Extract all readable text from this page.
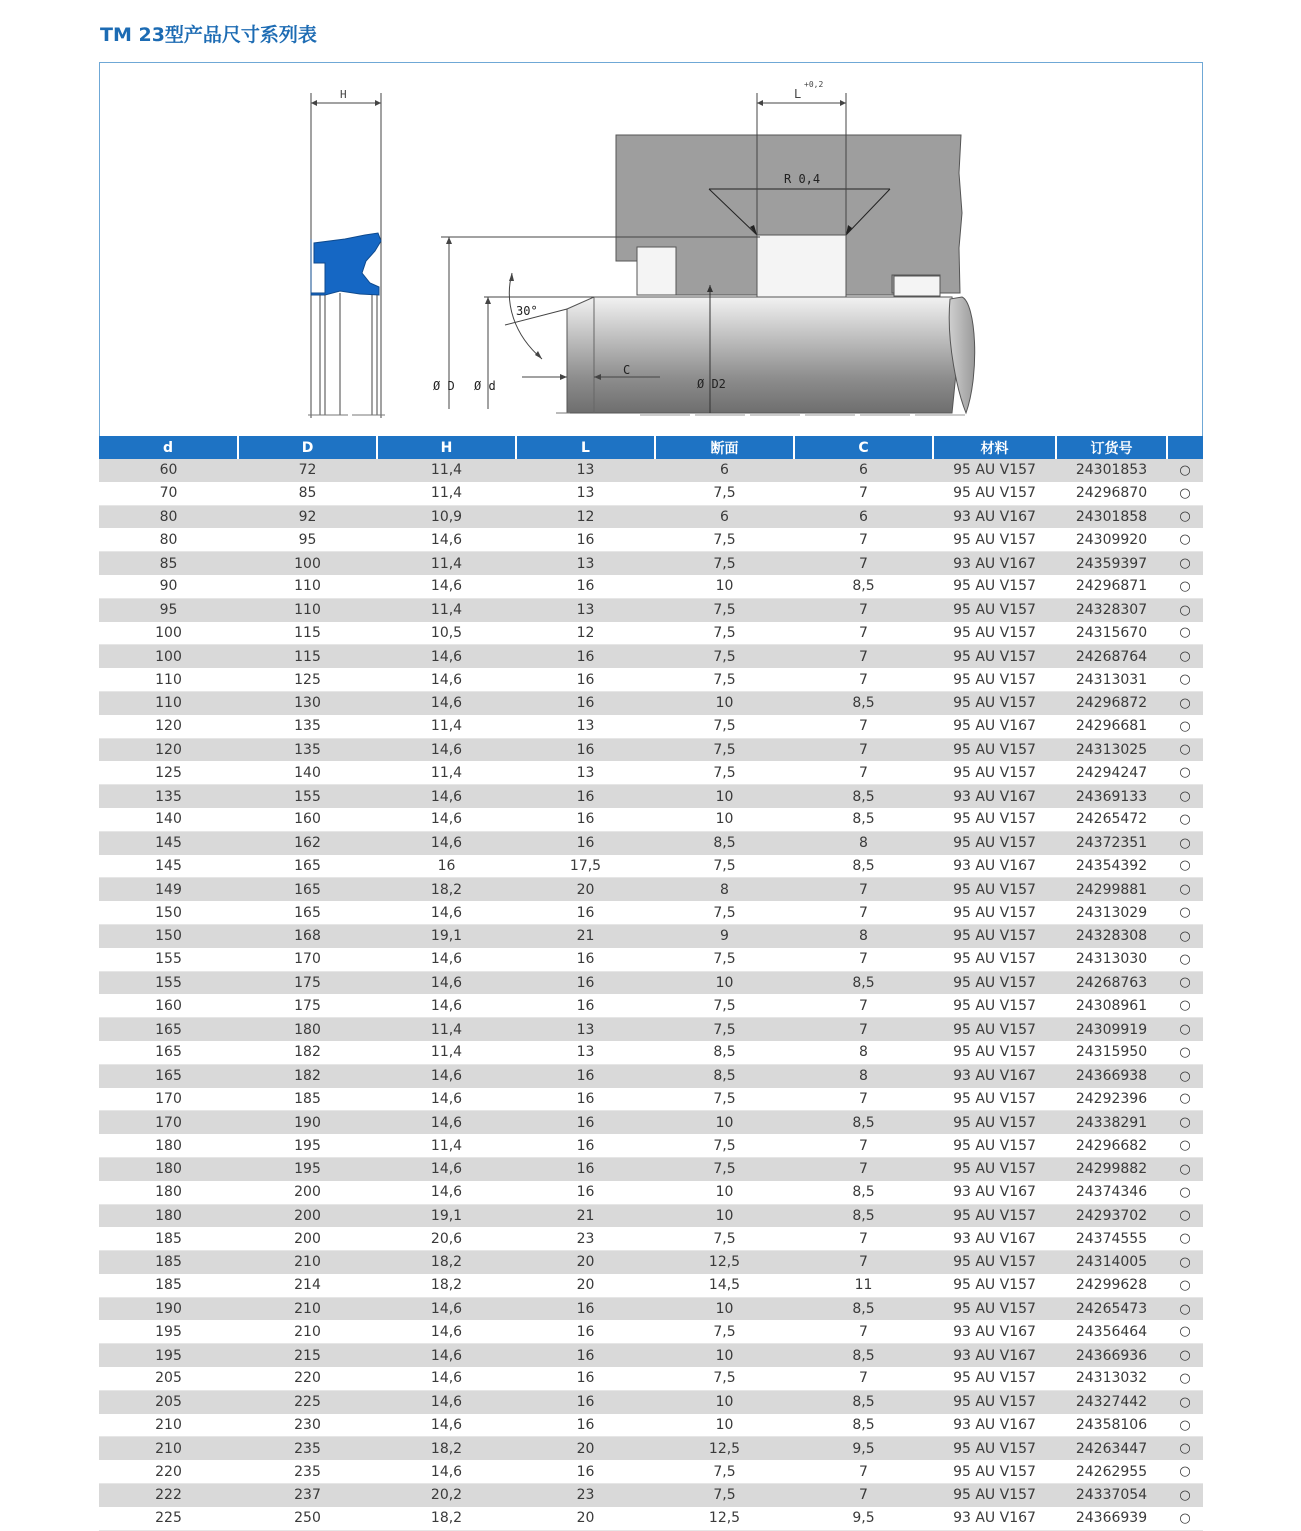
TM 23型产品尺寸系列表
H
R 0,4
L
+0,2
Ø D2
Ø D Ø d
30°
C
d	D	H	L	断面	C	材料	订货号	
60	72	11,4	13	6	6	95 AU V157	24301853	○
70	85	11,4	13	7,5	7	95 AU V157	24296870	○
80	92	10,9	12	6	6	93 AU V167	24301858	○
80	95	14,6	16	7,5	7	95 AU V157	24309920	○
85	100	11,4	13	7,5	7	93 AU V167	24359397	○
90	110	14,6	16	10	8,5	95 AU V157	24296871	○
95	110	11,4	13	7,5	7	95 AU V157	24328307	○
100	115	10,5	12	7,5	7	95 AU V157	24315670	○
100	115	14,6	16	7,5	7	95 AU V157	24268764	○
110	125	14,6	16	7,5	7	95 AU V157	24313031	○
110	130	14,6	16	10	8,5	95 AU V157	24296872	○
120	135	11,4	13	7,5	7	95 AU V167	24296681	○
120	135	14,6	16	7,5	7	95 AU V157	24313025	○
125	140	11,4	13	7,5	7	95 AU V157	24294247	○
135	155	14,6	16	10	8,5	93 AU V167	24369133	○
140	160	14,6	16	10	8,5	95 AU V157	24265472	○
145	162	14,6	16	8,5	8	95 AU V157	24372351	○
145	165	16	17,5	7,5	8,5	93 AU V167	24354392	○
149	165	18,2	20	8	7	95 AU V157	24299881	○
150	165	14,6	16	7,5	7	95 AU V157	24313029	○
150	168	19,1	21	9	8	95 AU V157	24328308	○
155	170	14,6	16	7,5	7	95 AU V157	24313030	○
155	175	14,6	16	10	8,5	95 AU V157	24268763	○
160	175	14,6	16	7,5	7	95 AU V157	24308961	○
165	180	11,4	13	7,5	7	95 AU V157	24309919	○
165	182	11,4	13	8,5	8	95 AU V157	24315950	○
165	182	14,6	16	8,5	8	93 AU V167	24366938	○
170	185	14,6	16	7,5	7	95 AU V157	24292396	○
170	190	14,6	16	10	8,5	95 AU V157	24338291	○
180	195	11,4	16	7,5	7	95 AU V157	24296682	○
180	195	14,6	16	7,5	7	95 AU V157	24299882	○
180	200	14,6	16	10	8,5	93 AU V167	24374346	○
180	200	19,1	21	10	8,5	95 AU V157	24293702	○
185	200	20,6	23	7,5	7	93 AU V167	24374555	○
185	210	18,2	20	12,5	7	95 AU V157	24314005	○
185	214	18,2	20	14,5	11	95 AU V157	24299628	○
190	210	14,6	16	10	8,5	95 AU V157	24265473	○
195	210	14,6	16	7,5	7	93 AU V167	24356464	○
195	215	14,6	16	10	8,5	93 AU V167	24366936	○
205	220	14,6	16	7,5	7	95 AU V157	24313032	○
205	225	14,6	16	10	8,5	95 AU V157	24327442	○
210	230	14,6	16	10	8,5	93 AU V167	24358106	○
210	235	18,2	20	12,5	9,5	95 AU V157	24263447	○
220	235	14,6	16	7,5	7	95 AU V157	24262955	○
222	237	20,2	23	7,5	7	95 AU V157	24337054	○
225	250	18,2	20	12,5	9,5	93 AU V167	24366939	○
